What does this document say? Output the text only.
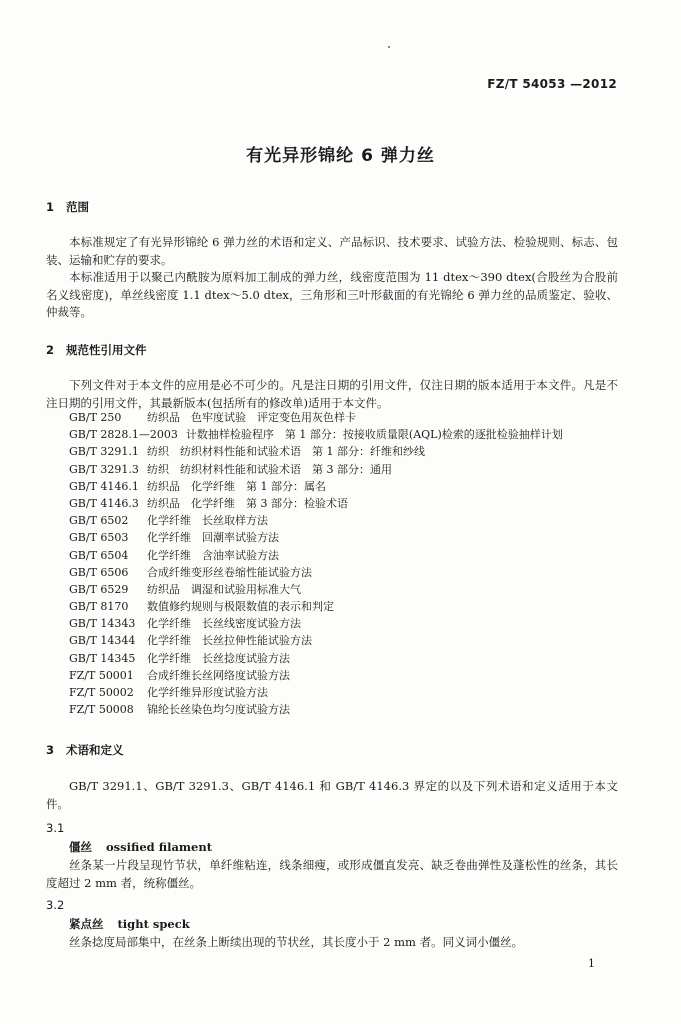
FZ/T 54053 —2012
有光异形锦纶 6 弹力丝
1 范围
本标准规定了有光异形锦纶 6 弹力丝的术语和定义、产品标识、技术要求、试验方法、检验规则、标志、包装、运输和贮存的要求。
本标准适用于以聚己内酰胺为原料加工制成的弹力丝，线密度范围为 11 dtex～390 dtex(合股丝为合股前名义线密度)，单丝线密度 1.1 dtex～5.0 dtex，三角形和三叶形截面的有光锦纶 6 弹力丝的品质鉴定、验收、仲裁等。
2 规范性引用文件
下列文件对于本文件的应用是必不可少的。凡是注日期的引用文件，仅注日期的版本适用于本文件。凡是不注日期的引用文件，其最新版本(包括所有的修改单)适用于本文件。
GB/T 250 纺织品　色牢度试验　评定变色用灰色样卡
GB/T 2828.1—2003 计数抽样检验程序　第 1 部分：按接收质量限(AQL)检索的逐批检验抽样计划
GB/T 3291.1 纺织　纺织材料性能和试验术语　第 1 部分：纤维和纱线
GB/T 3291.3 纺织　纺织材料性能和试验术语　第 3 部分：通用
GB/T 4146.1 纺织品　化学纤维　第 1 部分：属名
GB/T 4146.3 纺织品　化学纤维　第 3 部分：检验术语
GB/T 6502 化学纤维　长丝取样方法
GB/T 6503 化学纤维　回潮率试验方法
GB/T 6504 化学纤维　含油率试验方法
GB/T 6506 合成纤维变形丝卷缩性能试验方法
GB/T 6529 纺织品　调湿和试验用标准大气
GB/T 8170 数值修约规则与极限数值的表示和判定
GB/T 14343 化学纤维　长丝线密度试验方法
GB/T 14344 化学纤维　长丝拉伸性能试验方法
GB/T 14345 化学纤维　长丝捻度试验方法
FZ/T 50001 合成纤维长丝网络度试验方法
FZ/T 50002 化学纤维异形度试验方法
FZ/T 50008 锦纶长丝染色均匀度试验方法
3 术语和定义
GB/T 3291.1、GB/T 3291.3、GB/T 4146.1 和 GB/T 4146.3 界定的以及下列术语和定义适用于本文件。
3.1
僵丝 ossified filament
丝条某一片段呈现竹节状，单纤维粘连，线条细瘦，或形成僵直发亮、缺乏卷曲弹性及蓬松性的丝条，其长度超过 2 mm 者，统称僵丝。
3.2
紧点丝 tight speck
丝条捻度局部集中，在丝条上断续出现的节状丝，其长度小于 2 mm 者。同义词小僵丝。
1
